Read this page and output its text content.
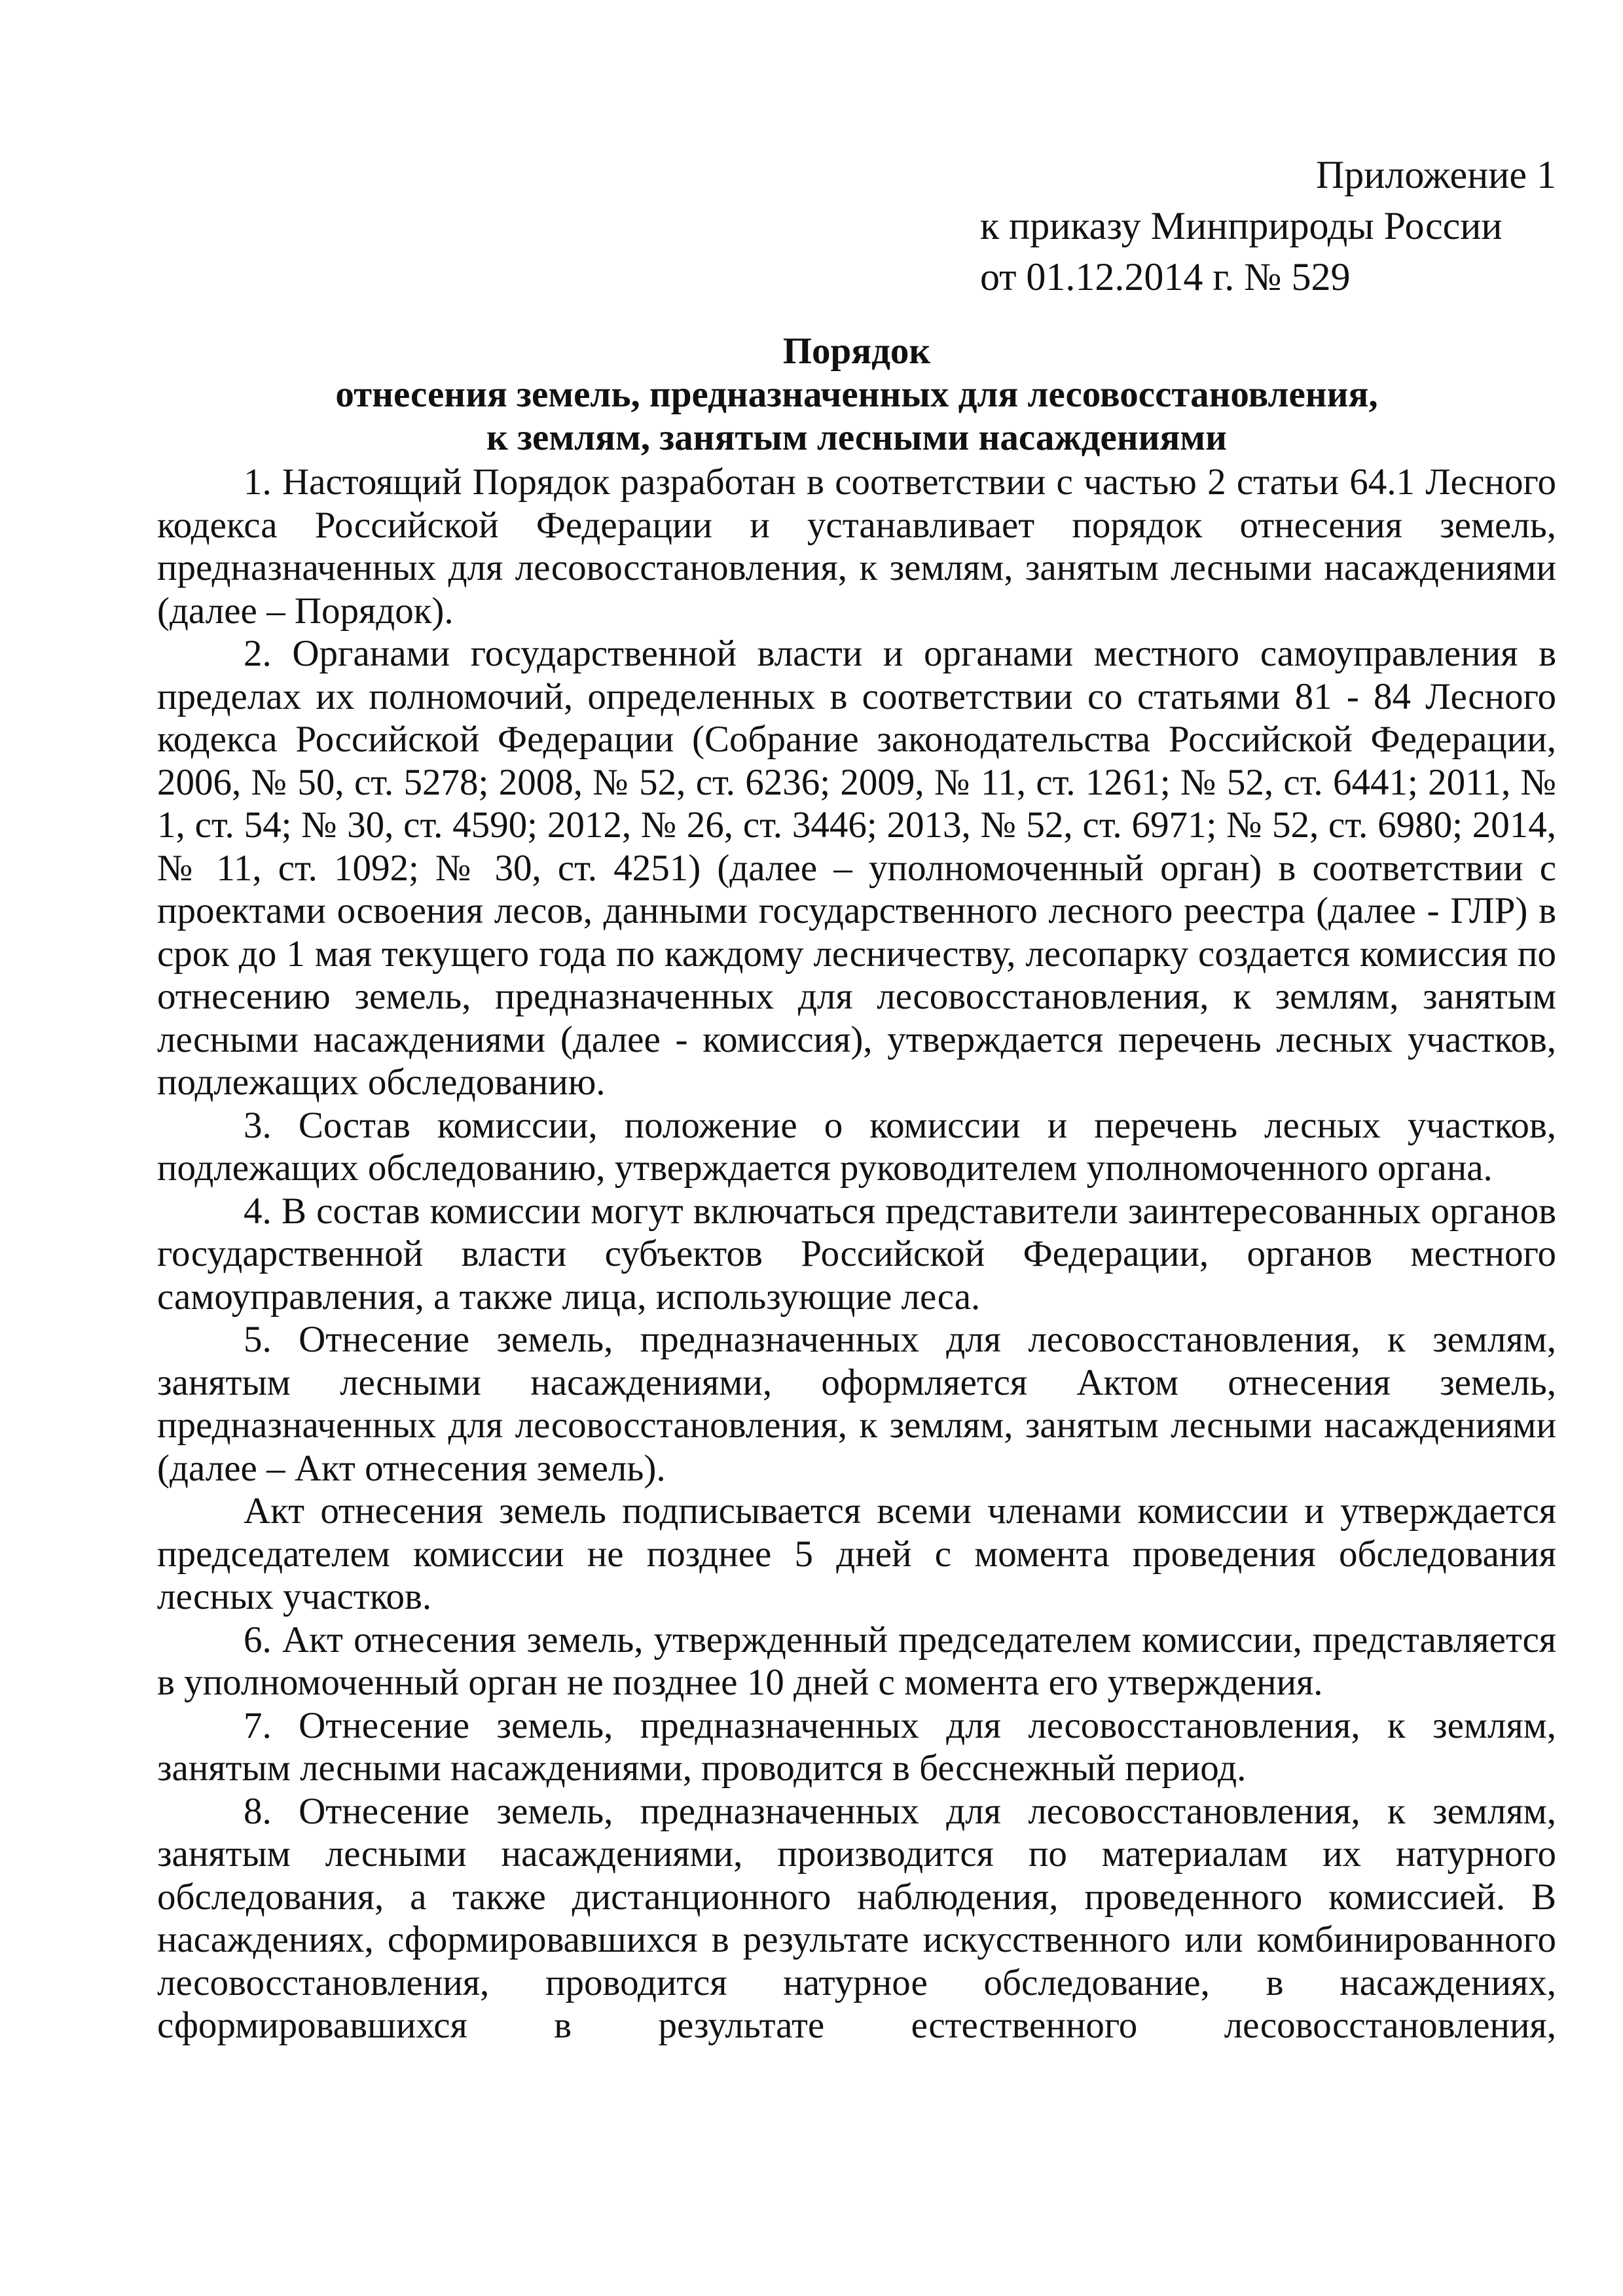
Приложение 1
к приказу Минприроды России
от 01.12.2014 г. № 529
Порядок
отнесения земель, предназначенных для лесовосстановления,
к землям, занятым лесными насаждениями

1. Настоящий Порядок разработан в соответствии с частью 2 статьи 64.1 Лесного кодекса Российской Федерации и устанавливает порядок отнесения земель, предназначенных для лесовосстановления, к землям, занятым лесными насаждениями (далее – Порядок).

2. Органами государственной власти и органами местного самоуправления в пределах их полномочий, определенных в соответствии со статьями 81 - 84 Лесного кодекса Российской Федерации (Собрание законодательства Российской Федерации, 2006, № 50, ст. 5278; 2008, № 52, ст. 6236; 2009, № 11, ст. 1261; № 52, ст. 6441; 2011, № 1, ст. 54; № 30, ст. 4590; 2012, № 26, ст. 3446; 2013, № 52, ст. 6971; № 52, ст. 6980; 2014, № 11, ст. 1092; № 30, ст. 4251) (далее – уполномоченный орган) в соответствии с проектами освоения лесов, данными государственного лесного реестра (далее - ГЛР) в срок до 1 мая текущего года по каждому лесничеству, лесопарку создается комиссия по отнесению земель, предназначенных для лесовосстановления, к землям, занятым лесными насаждениями (далее - комиссия), утверждается перечень лесных участков, подлежащих обследованию.

3. Состав комиссии, положение о комиссии и перечень лесных участков, подлежащих обследованию, утверждается руководителем уполномоченного органа.

4. В состав комиссии могут включаться представители заинтересованных органов государственной власти субъектов Российской Федерации, органов местного самоуправления, а также лица, использующие леса.

5. Отнесение земель, предназначенных для лесовосстановления, к землям, занятым лесными насаждениями, оформляется Актом отнесения земель, предназначенных для лесовосстановления, к землям, занятым лесными насаждениями (далее – Акт отнесения земель).

Акт отнесения земель подписывается всеми членами комиссии и утверждается председателем комиссии не позднее 5 дней с момента проведения обследования лесных участков.

6. Акт отнесения земель, утвержденный председателем комиссии, представляется в уполномоченный орган не позднее 10 дней с момента его утверждения.

7. Отнесение земель, предназначенных для лесовосстановления, к землям, занятым лесными насаждениями, проводится в бесснежный период.

8. Отнесение земель, предназначенных для лесовосстановления, к землям, занятым лесными насаждениями, производится по материалам их натурного обследования, а также дистанционного наблюдения, проведенного комиссией. В насаждениях, сформировавшихся в результате искусственного или комбинированного лесовосстановления, проводится натурное обследование, в насаждениях, сформировавшихся в результате естественного лесовосстановления,
